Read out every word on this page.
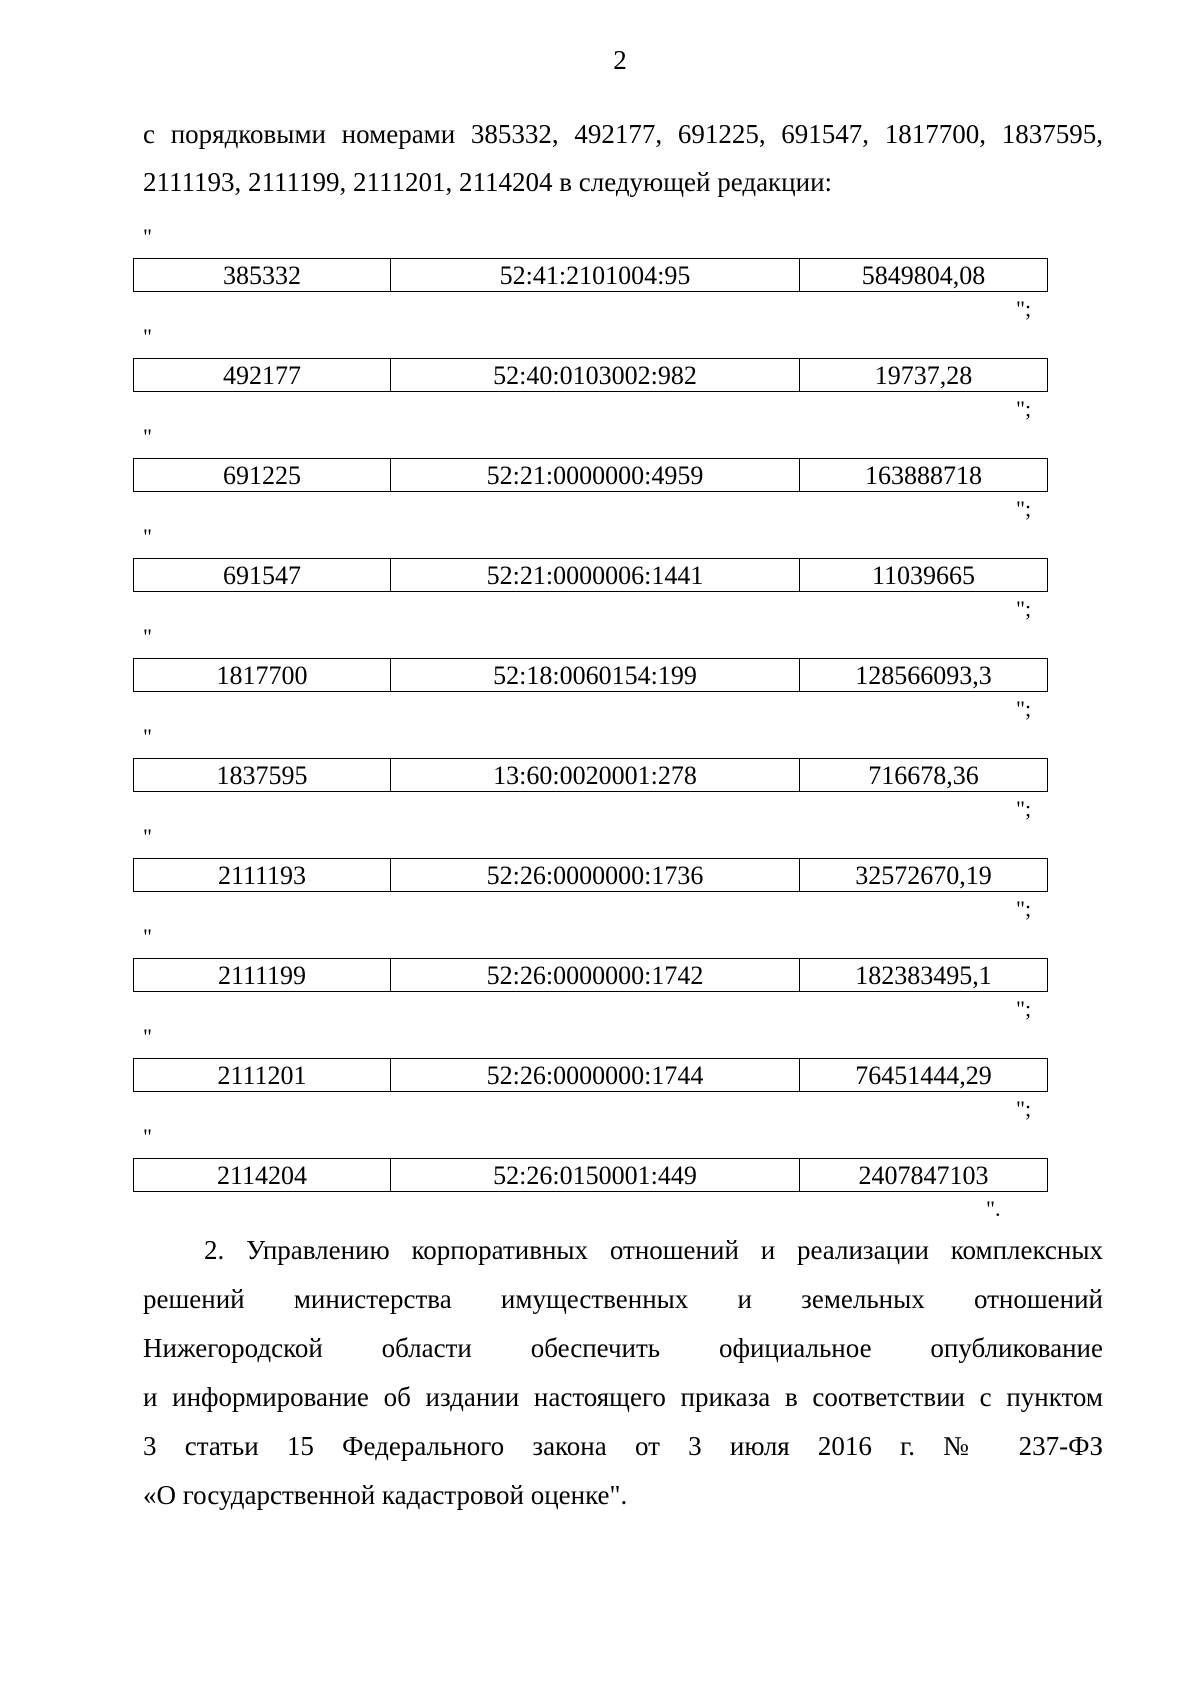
2
с порядковыми номерами 385332, 492177, 691225, 691547, 1817700, 1837595,
2111193, 2111199, 2111201, 2114204 в следующей редакции:
"
385332	52:41:2101004:95	5849804,08
";
"
492177	52:40:0103002:982	19737,28
";
"
691225	52:21:0000000:4959	163888718
";
"
691547	52:21:0000006:1441	11039665
";
"
1817700	52:18:0060154:199	128566093,3
";
"
1837595	13:60:0020001:278	716678,36
";
"
2111193	52:26:0000000:1736	32572670,19
";
"
2111199	52:26:0000000:1742	182383495,1
";
"
2111201	52:26:0000000:1744	76451444,29
";
"
2114204	52:26:0150001:449	2407847103
".
2. Управлению корпоративных отношений и реализации комплексных
решений министерства имущественных и земельных отношений
Нижегородской области обеспечить официальное опубликование
и информирование об издании настоящего приказа в соответствии с пунктом
3 статьи 15 Федерального закона от 3 июля 2016 г. № 237-ФЗ
«О государственной кадастровой оценке".
